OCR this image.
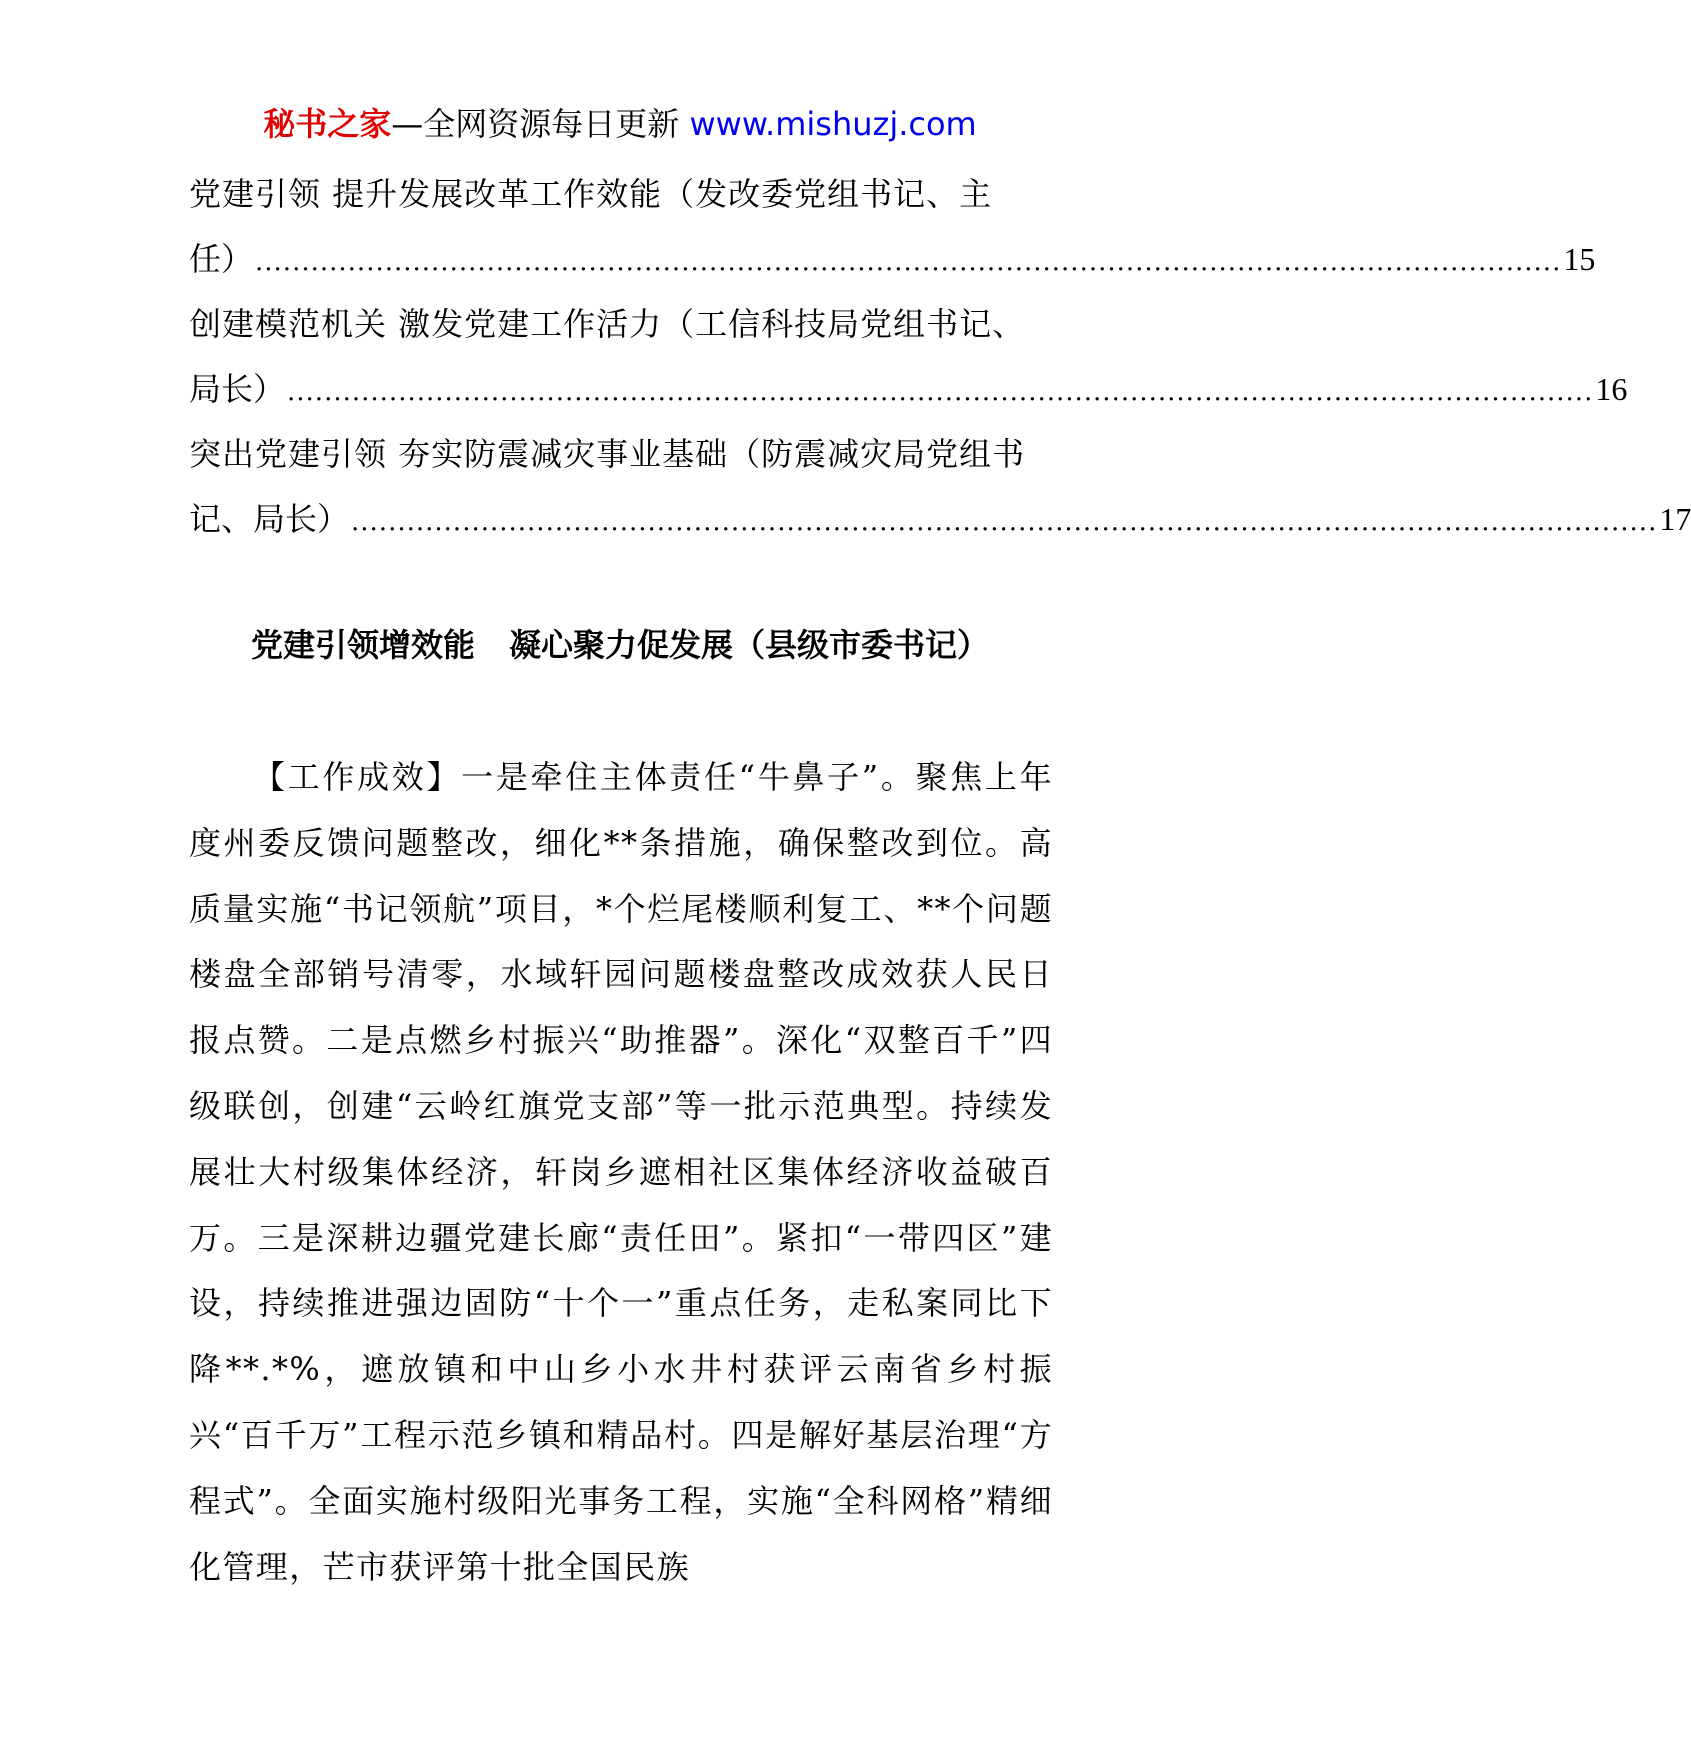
秘书之家—全网资源每日更新 www.mishuzj.com
党建引领 提升发展改革工作效能（发改委党组书记、主
任） ............................................................................................................................................. 15
创建模范机关 激发党建工作活力（工信科技局党组书记、
局长） ............................................................................................................................................. 16
突出党建引领 夯实防震减灾事业基础（防震减灾局党组书
记、局长） ............................................................................................................................................. 17
党建引领增效能 凝心聚力促发展（县级市委书记）

【工作成效】一是牵住主体责任“牛鼻子”。聚焦上年度州委反馈问题整改，细化**条措施，确保整改到位。高质量实施“书记领航”项目，*个烂尾楼顺利复工、**个问题楼盘全部销号清零，水域轩园问题楼盘整改成效获人民日报点赞。二是点燃乡村振兴“助推器”。深化“双整百千”四级联创，创建“云岭红旗党支部”等一批示范典型。持续发展壮大村级集体经济，轩岗乡遮相社区集体经济收益破百万。三是深耕边疆党建长廊“责任田”。紧扣“一带四区”建设，持续推进强边固防“十个一”重点任务，走私案同比下降**.*%，遮放镇和中山乡小水井村获评云南省乡村振兴“百千万”工程示范乡镇和精品村。四是解好基层治理“方程式”。全面实施村级阳光事务工程，实施“全科网格”精细化管理，芒市获评第十批全国民族
